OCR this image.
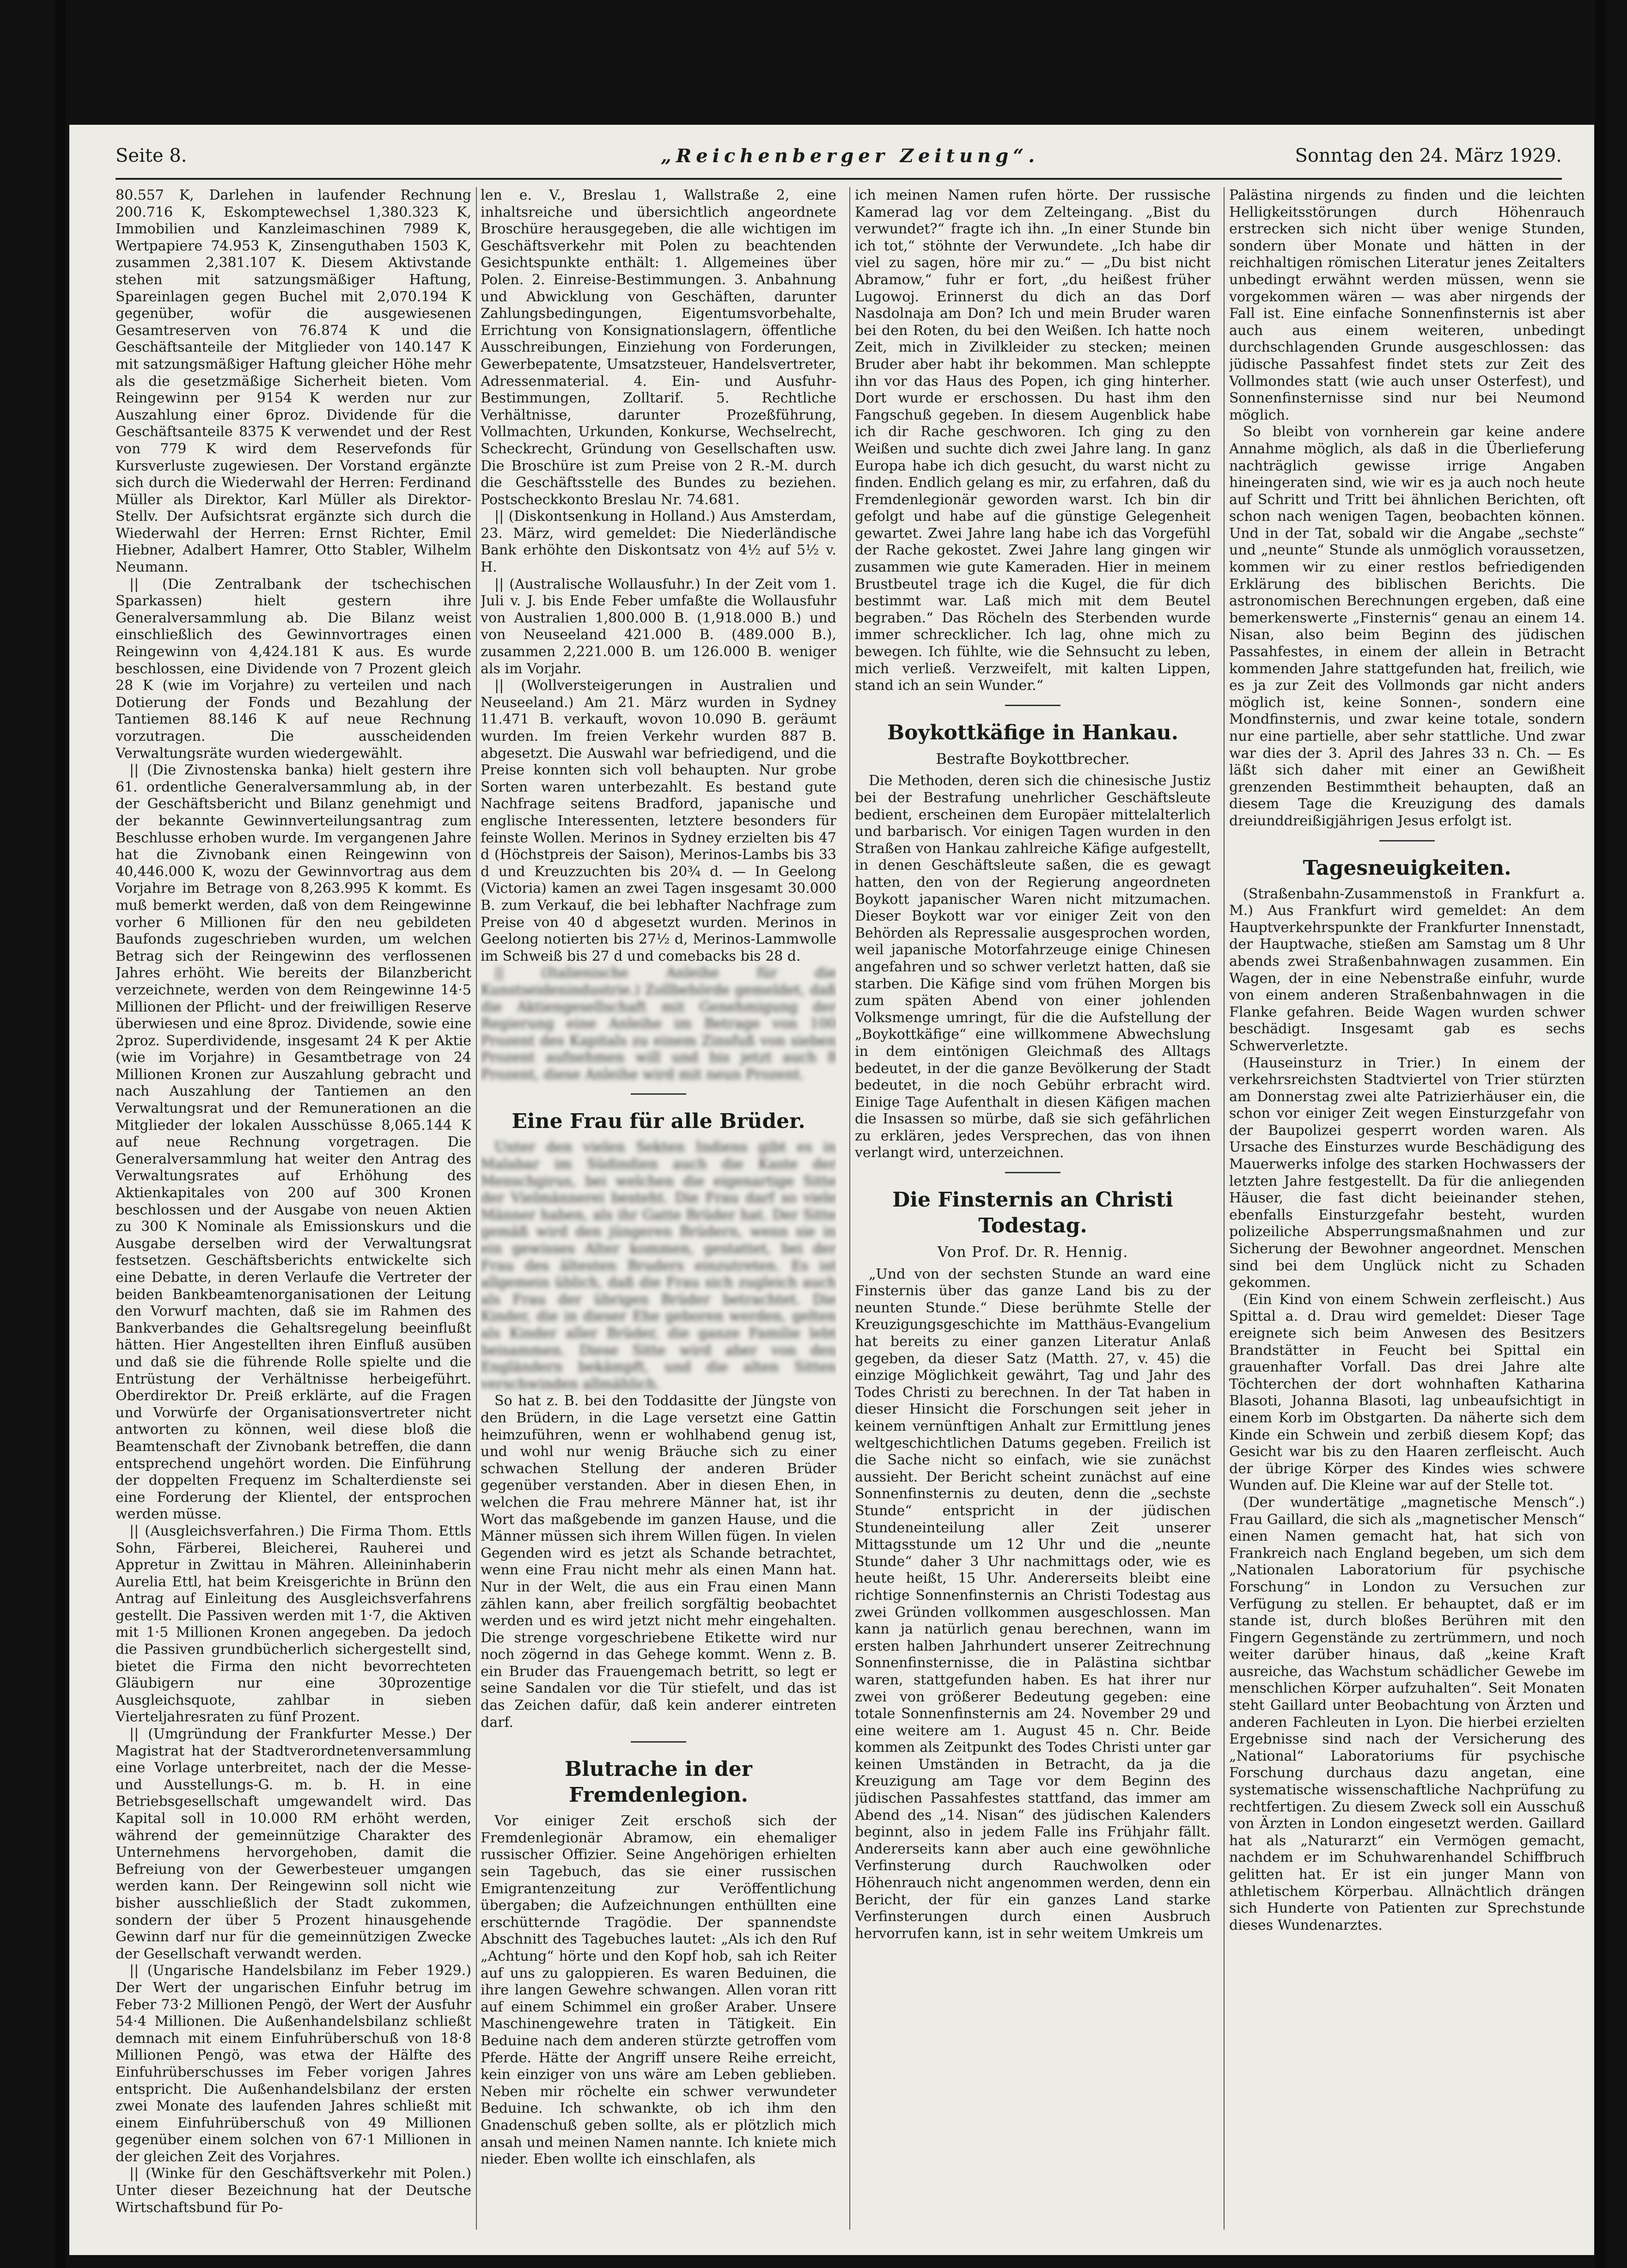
Seite 8.	„Reichenberger Zeitung“.	Sonntag den 24. März 1929.

80.557 K, Darlehen in laufender Rechnung 200.716 K, Eskomptewechsel 1,380.323 K, Immobilien und Kanzleimaschinen 7989 K, Wertpapiere 74.953 K, Zinsenguthaben 1503 K, zusammen 2,381.107 K. Diesem Aktivstande stehen mit satzungsmäßiger Haftung, Spareinlagen gegen Buchel mit 2,070.194 K gegenüber, wofür die ausgewiesenen Gesamtreserven von 76.874 K und die Geschäftsanteile der Mitglieder von 140.147 K mit satzungsmäßiger Haftung gleicher Höhe mehr als die gesetzmäßige Sicherheit bieten. Vom Reingewinn per 9154 K werden nur zur Auszahlung einer 6proz. Dividende für die Geschäftsanteile 8375 K verwendet und der Rest von 779 K wird dem Reservefonds für Kursverluste zugewiesen. Der Vorstand ergänzte sich durch die Wiederwahl der Herren: Ferdinand Müller als Direktor, Karl Müller als Direktor-Stellv. Der Aufsichtsrat ergänzte sich durch die Wiederwahl der Herren: Ernst Richter, Emil Hiebner, Adalbert Hamrer, Otto Stabler, Wilhelm Neumann.

|| (Die Zentralbank der tschechischen Sparkassen) hielt gestern ihre Generalversammlung ab. Die Bilanz weist einschließlich des Gewinnvortrages einen Reingewinn von 4,424.181 K aus. Es wurde beschlossen, eine Dividende von 7 Prozent gleich 28 K (wie im Vorjahre) zu verteilen und nach Dotierung der Fonds und Bezahlung der Tantiemen 88.146 K auf neue Rechnung vorzutragen. Die ausscheidenden Verwaltungsräte wurden wiedergewählt.

|| (Die Zivnostenska banka) hielt gestern ihre 61. ordentliche Generalversammlung ab, in der der Geschäftsbericht und Bilanz genehmigt und der bekannte Gewinnverteilungsantrag zum Beschlusse erhoben wurde. Im vergangenen Jahre hat die Zivnobank einen Reingewinn von 40,446.000 K, wozu der Gewinnvortrag aus dem Vorjahre im Betrage von 8,263.995 K kommt. Es muß bemerkt werden, daß von dem Reingewinne vorher 6 Millionen für den neu gebildeten Baufonds zugeschrieben wurden, um welchen Betrag sich der Reingewinn des verflossenen Jahres erhöht. Wie bereits der Bilanzbericht verzeichnete, werden von dem Reingewinne 14·5 Millionen der Pflicht- und der freiwilligen Reserve überwiesen und eine 8proz. Dividende, sowie eine 2proz. Superdividende, insgesamt 24 K per Aktie (wie im Vorjahre) in Gesamtbetrage von 24 Millionen Kronen zur Auszahlung gebracht und nach Auszahlung der Tantiemen an den Verwaltungsrat und der Remunerationen an die Mitglieder der lokalen Ausschüsse 8,065.144 K auf neue Rechnung vorgetragen. Die Generalversammlung hat weiter den Antrag des Verwaltungsrates auf Erhöhung des Aktienkapitales von 200 auf 300 Kronen beschlossen und der Ausgabe von neuen Aktien zu 300 K Nominale als Emissionskurs und die Ausgabe derselben wird der Verwaltungsrat festsetzen. Geschäftsberichts entwickelte sich eine Debatte, in deren Verlaufe die Vertreter der beiden Bankbeamtenorganisationen der Leitung den Vorwurf machten, daß sie im Rahmen des Bankverbandes die Gehaltsregelung beeinflußt hätten. Hier Angestellten ihren Einfluß ausüben und daß sie die führende Rolle spielte und die Entrüstung der Verhältnisse herbeigeführt. Oberdirektor Dr. Preiß erklärte, auf die Fragen und Vorwürfe der Organisationsvertreter nicht antworten zu können, weil diese bloß die Beamtenschaft der Zivnobank betreffen, die dann entsprechend ungehört worden. Die Einführung der doppelten Frequenz im Schalterdienste sei eine Forderung der Klientel, der entsprochen werden müsse.

|| (Ausgleichsverfahren.) Die Firma Thom. Ettls Sohn, Färberei, Bleicherei, Rauherei und Appretur in Zwittau in Mähren. Alleininhaberin Aurelia Ettl, hat beim Kreisgerichte in Brünn den Antrag auf Einleitung des Ausgleichsverfahrens gestellt. Die Passiven werden mit 1·7, die Aktiven mit 1·5 Millionen Kronen angegeben. Da jedoch die Passiven grundbücherlich sichergestellt sind, bietet die Firma den nicht bevorrechteten Gläubigern nur eine 30prozentige Ausgleichsquote, zahlbar in sieben Vierteljahresraten zu fünf Prozent.

|| (Umgründung der Frankfurter Messe.) Der Magistrat hat der Stadtverordnetenversammlung eine Vorlage unterbreitet, nach der die Messe- und Ausstellungs-G. m. b. H. in eine Betriebsgesellschaft umgewandelt wird. Das Kapital soll in 10.000 RM erhöht werden, während der gemeinnützige Charakter des Unternehmens hervorgehoben, damit die Befreiung von der Gewerbesteuer umgangen werden kann. Der Reingewinn soll nicht wie bisher ausschließlich der Stadt zukommen, sondern der über 5 Prozent hinausgehende Gewinn darf nur für die gemeinnützigen Zwecke der Gesellschaft verwandt werden.

|| (Ungarische Handelsbilanz im Feber 1929.) Der Wert der ungarischen Einfuhr betrug im Feber 73·2 Millionen Pengö, der Wert der Ausfuhr 54·4 Millionen. Die Außenhandelsbilanz schließt demnach mit einem Einfuhrüberschuß von 18·8 Millionen Pengö, was etwa der Hälfte des Einfuhrüberschusses im Feber vorigen Jahres entspricht. Die Außenhandelsbilanz der ersten zwei Monate des laufenden Jahres schließt mit einem Einfuhrüberschuß von 49 Millionen gegenüber einem solchen von 67·1 Millionen in der gleichen Zeit des Vorjahres.

|| (Winke für den Geschäftsverkehr mit Polen.) Unter dieser Bezeichnung hat der Deutsche Wirtschaftsbund für Po-

len e. V., Breslau 1, Wallstraße 2, eine inhaltsreiche und übersichtlich angeordnete Broschüre herausgegeben, die alle wichtigen im Geschäftsverkehr mit Polen zu beachtenden Gesichtspunkte enthält: 1. Allgemeines über Polen. 2. Einreise-Bestimmungen. 3. Anbahnung und Abwicklung von Geschäften, darunter Zahlungsbedingungen, Eigentumsvorbehalte, Errichtung von Konsignationslagern, öffentliche Ausschreibungen, Einziehung von Forderungen, Gewerbepatente, Umsatzsteuer, Handelsvertreter, Adressenmaterial. 4. Ein- und Ausfuhr-Bestimmungen, Zolltarif. 5. Rechtliche Verhältnisse, darunter Prozeßführung, Vollmachten, Urkunden, Konkurse, Wechselrecht, Scheckrecht, Gründung von Gesellschaften usw. Die Broschüre ist zum Preise von 2 R.-M. durch die Geschäftsstelle des Bundes zu beziehen. Postscheckkonto Breslau Nr. 74.681.

|| (Diskontsenkung in Holland.) Aus Amsterdam, 23. März, wird gemeldet: Die Niederländische Bank erhöhte den Diskontsatz von 4½ auf 5½ v. H.

|| (Australische Wollausfuhr.) In der Zeit vom 1. Juli v. J. bis Ende Feber umfaßte die Wollausfuhr von Australien 1,800.000 B. (1,918.000 B.) und von Neuseeland 421.000 B. (489.000 B.), zusammen 2,221.000 B. um 126.000 B. weniger als im Vorjahr.

|| (Wollversteigerungen in Australien und Neuseeland.) Am 21. März wurden in Sydney 11.471 B. verkauft, wovon 10.090 B. geräumt wurden. Im freien Verkehr wurden 887 B. abgesetzt. Die Auswahl war befriedigend, und die Preise konnten sich voll behaupten. Nur grobe Sorten waren unterbezahlt. Es bestand gute Nachfrage seitens Bradford, japanische und englische Interessenten, letztere besonders für feinste Wollen. Merinos in Sydney erzielten bis 47 d (Höchstpreis der Saison), Merinos-Lambs bis 33 d und Kreuzzuchten bis 20¾ d. — In Geelong (Victoria) kamen an zwei Tagen insgesamt 30.000 B. zum Verkauf, die bei lebhafter Nachfrage zum Preise von 40 d abgesetzt wurden. Merinos in Geelong notierten bis 27½ d, Merinos-Lammwolle im Schweiß bis 27 d und comebacks bis 28 d.

|| (Italienische Anleihe für die Kunstseidenindustrie.) Zollbehörde gemeldet, daß die Aktiengesellschaft mit Genehmigung der Regierung eine Anleihe im Betrage von 100 Prozent des Kapitals zu einem Zinsfuß von sieben Prozent aufnehmen will und bis jetzt auch 8 Prozent, diese Anleihe wird mit neun Prozent.

Eine Frau für alle Brüder.

Unter den vielen Sekten Indiens gibt es in Malabar im Südindien auch die Kaste der Menschgirus, bei welchen die eigenartige Sitte der Vielmännerei besteht. Die Frau darf so viele Männer haben, als ihr Gatte Brüder hat. Der Sitte gemäß wird den jüngeren Brüdern, wenn sie in ein gewisses Alter kommen, gestattet, bei der Frau des ältesten Bruders einzutreten. Es ist allgemein üblich, daß die Frau sich zugleich auch als Frau der übrigen Brüder betrachtet. Die Kinder, die in dieser Ehe geboren werden, gelten als Kinder aller Brüder, die ganze Familie lebt beisammen. Diese Sitte wird aber von den Engländern bekämpft, und die alten Sitten verschwinden allmählich.

So hat z. B. bei den Toddasitte der Jüngste von den Brüdern, in die Lage versetzt eine Gattin heimzuführen, wenn er wohlhabend genug ist, und wohl nur wenig Bräuche sich zu einer schwachen Stellung der anderen Brüder gegenüber verstanden. Aber in diesen Ehen, in welchen die Frau mehrere Männer hat, ist ihr Wort das maßgebende im ganzen Hause, und die Männer müssen sich ihrem Willen fügen. In vielen Gegenden wird es jetzt als Schande betrachtet, wenn eine Frau nicht mehr als einen Mann hat. Nur in der Welt, die aus ein Frau einen Mann zählen kann, aber freilich sorgfältig beobachtet werden und es wird jetzt nicht mehr eingehalten. Die strenge vorgeschriebene Etikette wird nur noch zögernd in das Gehege kommt. Wenn z. B. ein Bruder das Frauengemach betritt, so legt er seine Sandalen vor die Tür stiefelt, und das ist das Zeichen dafür, daß kein anderer eintreten darf.

Blutrache in der Fremdenlegion.

Vor einiger Zeit erschoß sich der Fremdenlegionär Abramow, ein ehemaliger russischer Offizier. Seine Angehörigen erhielten sein Tagebuch, das sie einer russischen Emigrantenzeitung zur Veröffentlichung übergaben; die Aufzeichnungen enthüllten eine erschütternde Tragödie. Der spannendste Abschnitt des Tagebuches lautet: „Als ich den Ruf „Achtung“ hörte und den Kopf hob, sah ich Reiter auf uns zu galoppieren. Es waren Beduinen, die ihre langen Gewehre schwangen. Allen voran ritt auf einem Schimmel ein großer Araber. Unsere Maschinengewehre traten in Tätigkeit. Ein Beduine nach dem anderen stürzte getroffen vom Pferde. Hätte der Angriff unsere Reihe erreicht, kein einziger von uns wäre am Leben geblieben. Neben mir röchelte ein schwer verwundeter Beduine. Ich schwankte, ob ich ihm den Gnadenschuß geben sollte, als er plötzlich mich ansah und meinen Namen nannte. Ich kniete mich nieder. Eben wollte ich einschlafen, als

ich meinen Namen rufen hörte. Der russische Kamerad lag vor dem Zelteingang. „Bist du verwundet?“ fragte ich ihn. „In einer Stunde bin ich tot,“ stöhnte der Verwundete. „Ich habe dir viel zu sagen, höre mir zu.“ — „Du bist nicht Abramow,“ fuhr er fort, „du heißest früher Lugowoj. Erinnerst du dich an das Dorf Nasdolnaja am Don? Ich und mein Bruder waren bei den Roten, du bei den Weißen. Ich hatte noch Zeit, mich in Zivilkleider zu stecken; meinen Bruder aber habt ihr bekommen. Man schleppte ihn vor das Haus des Popen, ich ging hinterher. Dort wurde er erschossen. Du hast ihm den Fangschuß gegeben. In diesem Augenblick habe ich dir Rache geschworen. Ich ging zu den Weißen und suchte dich zwei Jahre lang. In ganz Europa habe ich dich gesucht, du warst nicht zu finden. Endlich gelang es mir, zu erfahren, daß du Fremdenlegionär geworden warst. Ich bin dir gefolgt und habe auf die günstige Gelegenheit gewartet. Zwei Jahre lang habe ich das Vorgefühl der Rache gekostet. Zwei Jahre lang gingen wir zusammen wie gute Kameraden. Hier in meinem Brustbeutel trage ich die Kugel, die für dich bestimmt war. Laß mich mit dem Beutel begraben.“ Das Röcheln des Sterbenden wurde immer schrecklicher. Ich lag, ohne mich zu bewegen. Ich fühlte, wie die Sehnsucht zu leben, mich verließ. Verzweifelt, mit kalten Lippen, stand ich an sein Wunder.“

Boykottkäfige in Hankau.
Bestrafte Boykottbrecher.

Die Methoden, deren sich die chinesische Justiz bei der Bestrafung unehrlicher Geschäftsleute bedient, erscheinen dem Europäer mittelalterlich und barbarisch. Vor einigen Tagen wurden in den Straßen von Hankau zahlreiche Käfige aufgestellt, in denen Geschäftsleute saßen, die es gewagt hatten, den von der Regierung angeordneten Boykott japanischer Waren nicht mitzumachen. Dieser Boykott war vor einiger Zeit von den Behörden als Repressalie ausgesprochen worden, weil japanische Motorfahrzeuge einige Chinesen angefahren und so schwer verletzt hatten, daß sie starben. Die Käfige sind vom frühen Morgen bis zum späten Abend von einer johlenden Volksmenge umringt, für die die Aufstellung der „Boykottkäfige“ eine willkommene Abwechslung in dem eintönigen Gleichmaß des Alltags bedeutet, in der die ganze Bevölkerung der Stadt bedeutet, in die noch Gebühr erbracht wird. Einige Tage Aufenthalt in diesen Käfigen machen die Insassen so mürbe, daß sie sich gefährlichen zu erklären, jedes Versprechen, das von ihnen verlangt wird, unterzeichnen.

Die Finsternis an Christi Todestag.
Von Prof. Dr. R. Hennig.

„Und von der sechsten Stunde an ward eine Finsternis über das ganze Land bis zu der neunten Stunde.“ Diese berühmte Stelle der Kreuzigungsgeschichte im Matthäus-Evangelium hat bereits zu einer ganzen Literatur Anlaß gegeben, da dieser Satz (Matth. 27, v. 45) die einzige Möglichkeit gewährt, Tag und Jahr des Todes Christi zu berechnen. In der Tat haben in dieser Hinsicht die Forschungen seit jeher in keinem vernünftigen Anhalt zur Ermittlung jenes weltgeschichtlichen Datums gegeben. Freilich ist die Sache nicht so einfach, wie sie zunächst aussieht. Der Bericht scheint zunächst auf eine Sonnenfinsternis zu deuten, denn die „sechste Stunde“ entspricht in der jüdischen Stundeneinteilung aller Zeit unserer Mittagsstunde um 12 Uhr und die „neunte Stunde“ daher 3 Uhr nachmittags oder, wie es heute heißt, 15 Uhr. Andererseits bleibt eine richtige Sonnenfinsternis an Christi Todestag aus zwei Gründen vollkommen ausgeschlossen. Man kann ja natürlich genau berechnen, wann im ersten halben Jahrhundert unserer Zeitrechnung Sonnenfinsternisse, die in Palästina sichtbar waren, stattgefunden haben. Es hat ihrer nur zwei von größerer Bedeutung gegeben: eine totale Sonnenfinsternis am 24. November 29 und eine weitere am 1. August 45 n. Chr. Beide kommen als Zeitpunkt des Todes Christi unter gar keinen Umständen in Betracht, da ja die Kreuzigung am Tage vor dem Beginn des jüdischen Passahfestes stattfand, das immer am Abend des „14. Nisan“ des jüdischen Kalenders beginnt, also in jedem Falle ins Frühjahr fällt. Andererseits kann aber auch eine gewöhnliche Verfinsterung durch Rauchwolken oder Höhenrauch nicht angenommen werden, denn ein Bericht, der für ein ganzes Land starke Verfinsterungen durch einen Ausbruch hervorrufen kann, ist in sehr weitem Umkreis um

Palästina nirgends zu finden und die leichten Helligkeitsstörungen durch Höhenrauch erstrecken sich nicht über wenige Stunden, sondern über Monate und hätten in der reichhaltigen römischen Literatur jenes Zeitalters unbedingt erwähnt werden müssen, wenn sie vorgekommen wären — was aber nirgends der Fall ist. Eine einfache Sonnenfinsternis ist aber auch aus einem weiteren, unbedingt durchschlagenden Grunde ausgeschlossen: das jüdische Passahfest findet stets zur Zeit des Vollmondes statt (wie auch unser Osterfest), und Sonnenfinsternisse sind nur bei Neumond möglich.

So bleibt von vornherein gar keine andere Annahme möglich, als daß in die Überlieferung nachträglich gewisse irrige Angaben hineingeraten sind, wie wir es ja auch noch heute auf Schritt und Tritt bei ähnlichen Berichten, oft schon nach wenigen Tagen, beobachten können. Und in der Tat, sobald wir die Angabe „sechste“ und „neunte“ Stunde als unmöglich voraussetzen, kommen wir zu einer restlos befriedigenden Erklärung des biblischen Berichts. Die astronomischen Berechnungen ergeben, daß eine bemerkenswerte „Finsternis“ genau an einem 14. Nisan, also beim Beginn des jüdischen Passahfestes, in einem der allein in Betracht kommenden Jahre stattgefunden hat, freilich, wie es ja zur Zeit des Vollmonds gar nicht anders möglich ist, keine Sonnen-, sondern eine Mondfinsternis, und zwar keine totale, sondern nur eine partielle, aber sehr stattliche. Und zwar war dies der 3. April des Jahres 33 n. Ch. — Es läßt sich daher mit einer an Gewißheit grenzenden Bestimmtheit behaupten, daß an diesem Tage die Kreuzigung des damals dreiunddreißigjährigen Jesus erfolgt ist.

Tagesneuigkeiten.

(Straßenbahn-Zusammenstoß in Frankfurt a. M.) Aus Frankfurt wird gemeldet: An dem Hauptverkehrspunkte der Frankfurter Innenstadt, der Hauptwache, stießen am Samstag um 8 Uhr abends zwei Straßenbahnwagen zusammen. Ein Wagen, der in eine Nebenstraße einfuhr, wurde von einem anderen Straßenbahnwagen in die Flanke gefahren. Beide Wagen wurden schwer beschädigt. Insgesamt gab es sechs Schwerverletzte.

(Hauseinsturz in Trier.) In einem der verkehrsreichsten Stadtviertel von Trier stürzten am Donnerstag zwei alte Patrizierhäuser ein, die schon vor einiger Zeit wegen Einsturzgefahr von der Baupolizei gesperrt worden waren. Als Ursache des Einsturzes wurde Beschädigung des Mauerwerks infolge des starken Hochwassers der letzten Jahre festgestellt. Da für die anliegenden Häuser, die fast dicht beieinander stehen, ebenfalls Einsturzgefahr besteht, wurden polizeiliche Absperrungsmaßnahmen und zur Sicherung der Bewohner angeordnet. Menschen sind bei dem Unglück nicht zu Schaden gekommen.

(Ein Kind von einem Schwein zerfleischt.) Aus Spittal a. d. Drau wird gemeldet: Dieser Tage ereignete sich beim Anwesen des Besitzers Brandstätter in Feucht bei Spittal ein grauenhafter Vorfall. Das drei Jahre alte Töchterchen der dort wohnhaften Katharina Blasoti, Johanna Blasoti, lag unbeaufsichtigt in einem Korb im Obstgarten. Da näherte sich dem Kinde ein Schwein und zerbiß diesem Kopf; das Gesicht war bis zu den Haaren zerfleischt. Auch der übrige Körper des Kindes wies schwere Wunden auf. Die Kleine war auf der Stelle tot.

(Der wundertätige „magnetische Mensch“.) Frau Gaillard, die sich als „magnetischer Mensch“ einen Namen gemacht hat, hat sich von Frankreich nach England begeben, um sich dem „Nationalen Laboratorium für psychische Forschung“ in London zu Versuchen zur Verfügung zu stellen. Er behauptet, daß er im stande ist, durch bloßes Berühren mit den Fingern Gegenstände zu zertrümmern, und noch weiter darüber hinaus, daß „keine Kraft ausreiche, das Wachstum schädlicher Gewebe im menschlichen Körper aufzuhalten“. Seit Monaten steht Gaillard unter Beobachtung von Ärzten und anderen Fachleuten in Lyon. Die hierbei erzielten Ergebnisse sind nach der Versicherung des „National“ Laboratoriums für psychische Forschung durchaus dazu angetan, eine systematische wissenschaftliche Nachprüfung zu rechtfertigen. Zu diesem Zweck soll ein Ausschuß von Ärzten in London eingesetzt werden. Gaillard hat als „Naturarzt“ ein Vermögen gemacht, nachdem er im Schuhwarenhandel Schiffbruch gelitten hat. Er ist ein junger Mann von athletischem Körperbau. Allnächtlich drängen sich Hunderte von Patienten zur Sprechstunde dieses Wundenarztes.
